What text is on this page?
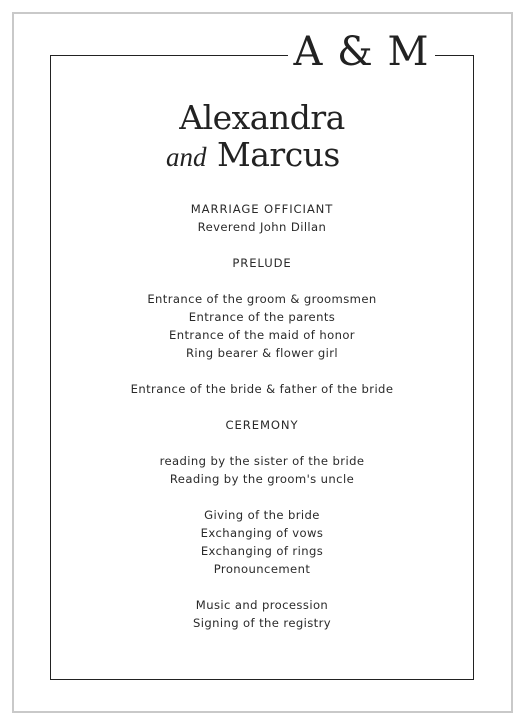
A & M
Alexandra
and Marcus
MARRIAGE OFFICIANT
Reverend John Dillan
PRELUDE
Entrance of the groom & groomsmen
Entrance of the parents
Entrance of the maid of honor
Ring bearer & flower girl
Entrance of the bride & father of the bride
CEREMONY
reading by the sister of the bride
Reading by the groom's uncle
Giving of the bride
Exchanging of vows
Exchanging of rings
Pronouncement
Music and procession
Signing of the registry
